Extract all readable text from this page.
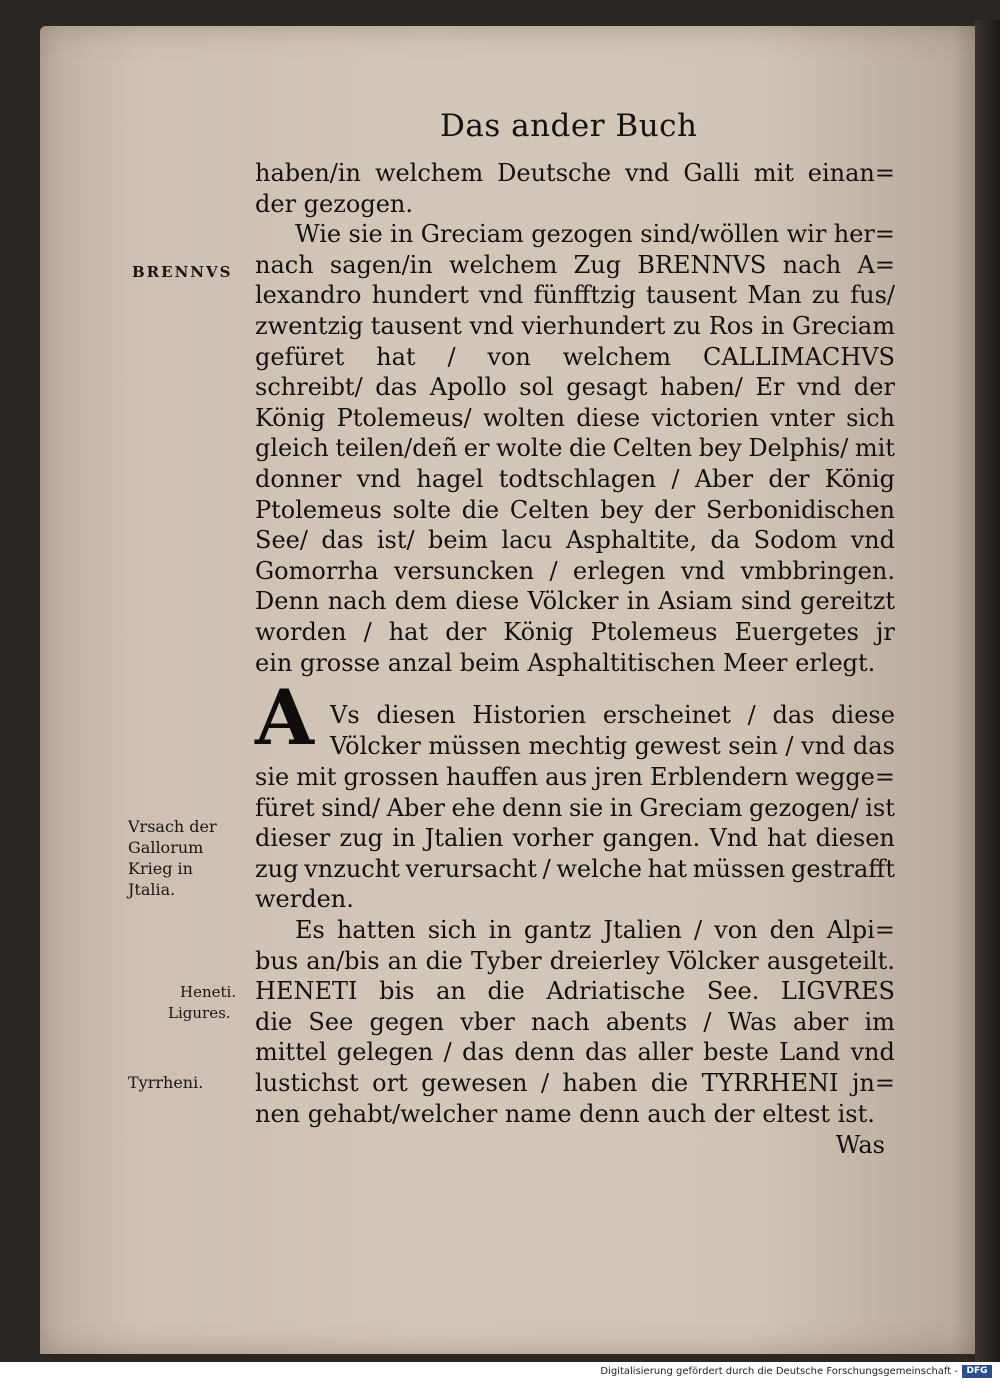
Das ander Buch
haben/in welchem Deutsche vnd Galli mit einan=
der gezogen.
Wie sie in Greciam gezogen sind/wöllen wir her=
nach sagen/in welchem Zug BRENNVS nach A=
lexandro hundert vnd fünfftzig tausent Man zu fus/
zwentzig tausent vnd vierhundert zu Ros in Greciam
gefüret hat / von welchem CALLIMACHVS
schreibt/ das Apollo sol gesagt haben/ Er vnd der
König Ptolemeus/ wolten diese victorien vnter sich
gleich teilen/deñ er wolte die Celten bey Delphis/ mit
donner vnd hagel todtschlagen / Aber der König
Ptolemeus solte die Celten bey der Serbonidischen
See/ das ist/ beim lacu Asphaltite, da Sodom vnd
Gomorrha versuncken / erlegen vnd vmbbringen.
Denn nach dem diese Völcker in Asiam sind gereitzt
worden / hat der König Ptolemeus Euergetes jr
ein grosse anzal beim Asphaltitischen Meer erlegt.
A Vs diesen Historien erscheinet / das diese
Völcker müssen mechtig gewest sein / vnd das
sie mit grossen hauffen aus jren Erblendern wegge=
füret sind/ Aber ehe denn sie in Greciam gezogen/ ist
dieser zug in Jtalien vorher gangen. Vnd hat diesen
zug vnzucht verursacht / welche hat müssen gestrafft
werden.
Es hatten sich in gantz Jtalien / von den Alpi=
bus an/bis an die Tyber dreierley Völcker ausgeteilt.
HENETI bis an die Adriatische See. LIGVRES
die See gegen vber nach abents / Was aber im
mittel gelegen / das denn das aller beste Land vnd
lustichst ort gewesen / haben die TYRRHENI jn=
nen gehabt/welcher name denn auch der eltest ist.
Was
BRENNVS
Vrsach der
Gallorum
Krieg in
Jtalia.
Heneti.
Ligures.
Tyrrheni.
Digitalisierung gefördert durch die Deutsche Forschungsgemeinschaft - DFG
